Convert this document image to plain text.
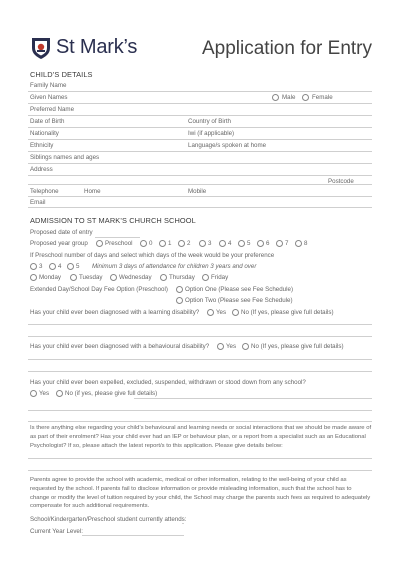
St Mark’s	Application for Entry
CHILD’S DETAILS
Family Name
Given Names	Male	Female
Preferred Name
Date of Birth	Country of Birth
Nationality	Iwi (if applicable)
Ethnicity	Language/s spoken at home
Siblings names and ages
Address
Postcode
Telephone	Home	Mobile
Email
ADMISSION TO ST MARK’S CHURCH SCHOOL
Proposed date of entry
Proposed year group	Preschool	0	1	2	3	4	5	6	7	8
If Preschool number of days and select which days of the week would be your preference
3	4 5 Minimum 3 days of attendance for children 3 years and over
Monday	Tuesday	Wednesday	Thursday	Friday
Extended Day/School Day Fee Option (Preschool)	Option One (Please see Fee Schedule)
Option Two (Please see Fee Schedule)
Has your child ever been diagnosed with a learning disability?	Yes No (If yes, please give full details)
Has your child ever been diagnosed with a behavioural disability?	Yes No (If yes, please give full details)
Has your child ever been expelled, excluded, suspended, withdrawn or stood down from any school?
Yes	No (if yes, please give full details)
Is there anything else regarding your child’s behavioural and learning needs or social interactions that we should be made aware of as part of their enrolment? Has your child ever had an IEP or behaviour plan, or a report from a specialist such as an Educational Psychologist? If so, please attach the latest report/s to this application. Please give details below:
Parents agree to provide the school with academic, medical or other information, relating to the well-being of your child as requested by the school. If parents fail to disclose information or provide misleading information, such that the school has to change or modify the level of tuition required by your child, the School may charge the parents such fees as required to adequately compensate for such additional requirements.
School/Kindergarten/Preschool student currently attends:
Current Year Level:
